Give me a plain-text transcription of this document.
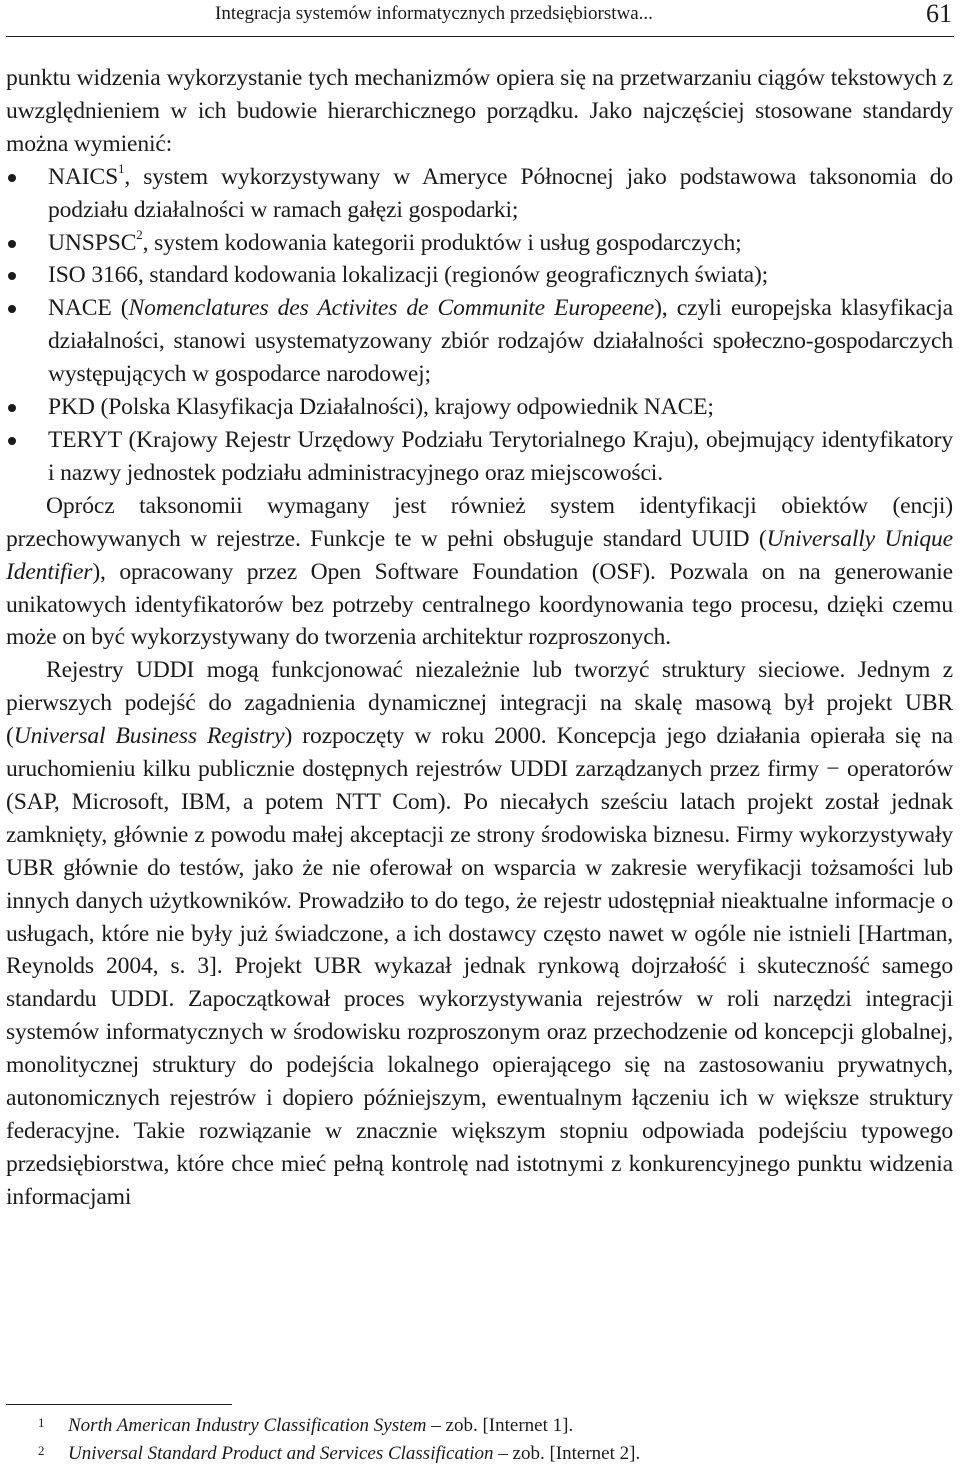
Integracja systemów informatycznych przedsiębiorstwa...	61

punktu widzenia wykorzystanie tych mechanizmów opiera się na przetwarzaniu ciągów tekstowych z uwzględnieniem w ich budowie hierarchicznego porządku. Jako najczęściej stosowane standardy można wymienić:

NAICS$^1$, system wykorzystywany w Ameryce Północnej jako podstawowa taksonomia do podziału działalności w ramach gałęzi gospodarki;
UNSPSC$^2$, system kodowania kategorii produktów i usług gospodarczych;
ISO 3166, standard kodowania lokalizacji (regionów geograficznych świata);
NACE (Nomenclatures des Activites de Communite Europeene), czyli europejska klasyfikacja działalności, stanowi usystematyzowany zbiór rodzajów działalności społeczno-gospodarczych występujących w gospodarce narodowej;
PKD (Polska Klasyfikacja Działalności), krajowy odpowiednik NACE;
TERYT (Krajowy Rejestr Urzędowy Podziału Terytorialnego Kraju), obejmujący identyfikatory i nazwy jednostek podziału administracyjnego oraz miejscowości.

Oprócz taksonomii wymagany jest również system identyfikacji obiektów (encji) przechowywanych w rejestrze. Funkcje te w pełni obsługuje standard UUID (Universally Unique Identifier), opracowany przez Open Software Foundation (OSF). Pozwala on na generowanie unikatowych identyfikatorów bez potrzeby centralnego koordynowania tego procesu, dzięki czemu może on być wykorzystywany do tworzenia architektur rozproszonych.

Rejestry UDDI mogą funkcjonować niezależnie lub tworzyć struktury sieciowe. Jednym z pierwszych podejść do zagadnienia dynamicznej integracji na skalę masową był projekt UBR (Universal Business Registry) rozpoczęty w roku 2000. Koncepcja jego działania opierała się na uruchomieniu kilku publicznie dostępnych rejestrów UDDI zarządzanych przez firmy − operatorów (SAP, Microsoft, IBM, a potem NTT Com). Po niecałych sześciu latach projekt został jednak zamknięty, głównie z powodu małej akceptacji ze strony środowiska biznesu. Firmy wykorzystywały UBR głównie do testów, jako że nie oferował on wsparcia w zakresie weryfikacji tożsamości lub innych danych użytkowników. Prowadziło to do tego, że rejestr udostępniał nieaktualne informacje o usługach, które nie były już świadczone, a ich dostawcy często nawet w ogóle nie istnieli [Hartman, Reynolds 2004, s. 3]. Projekt UBR wykazał jednak rynkową dojrzałość i skuteczność samego standardu UDDI. Zapoczątkował proces wykorzystywania rejestrów w roli narzędzi integracji systemów informatycznych w środowisku rozproszonym oraz przechodzenie od koncepcji globalnej, monolitycznej struktury do podejścia lokalnego opierającego się na zastosowaniu prywatnych, autonomicznych rejestrów i dopiero późniejszym, ewentualnym łączeniu ich w większe struktury federacyjne. Takie rozwiązanie w znacznie większym stopniu odpowiada podejściu typowego przedsiębiorstwa, które chce mieć pełną kontrolę nad istotnymi z konkurencyjnego punktu widzenia informacjami

1 North American Industry Classification System – zob. [Internet 1].
2 Universal Standard Product and Services Classification – zob. [Internet 2].
